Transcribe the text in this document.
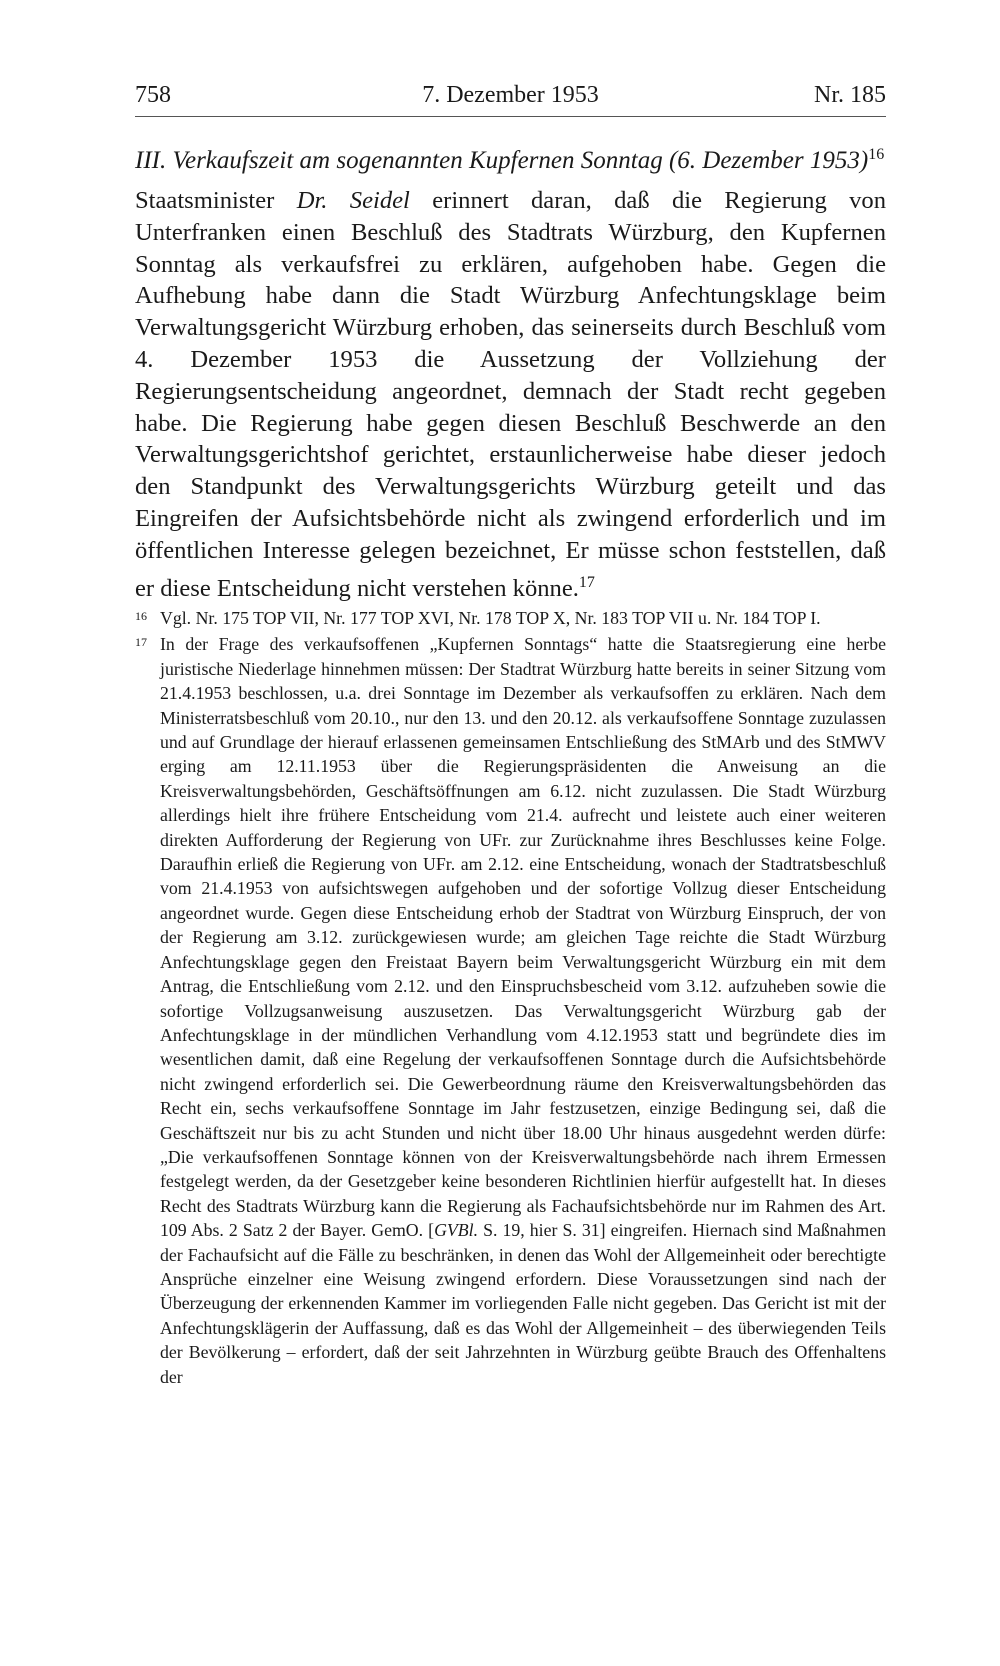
758	7. Dezember 1953	Nr. 185
III. Verkaufszeit am sogenannten Kupfernen Sonntag (6. Dezember 1953)$^{16}$
Staatsminister Dr. Seidel erinnert daran, daß die Regierung von Unterfranken einen Beschluß des Stadtrats Würzburg, den Kupfernen Sonntag als verkaufsfrei zu erklären, aufgehoben habe. Gegen die Aufhebung habe dann die Stadt Würzburg Anfechtungsklage beim Verwaltungsgericht Würzburg erhoben, das seinerseits durch Beschluß vom 4. Dezember 1953 die Aussetzung der Vollziehung der Regierungsentscheidung angeordnet, demnach der Stadt recht gegeben habe. Die Regierung habe gegen diesen Beschluß Beschwerde an den Verwaltungsgerichtshof gerichtet, erstaunlicherweise habe dieser jedoch den Standpunkt des Verwaltungsgerichts Würzburg geteilt und das Eingreifen der Aufsichtsbehörde nicht als zwingend erforderlich und im öffentlichen Interesse gelegen bezeichnet, Er müsse schon feststellen, daß er diese Entscheidung nicht verstehen könne.$^{17}$
16 Vgl. Nr. 175 TOP VII, Nr. 177 TOP XVI, Nr. 178 TOP X, Nr. 183 TOP VII u. Nr. 184 TOP I.
17 In der Frage des verkaufsoffenen „Kupfernen Sonntags“ hatte die Staatsregierung eine herbe juristische Niederlage hinnehmen müssen: Der Stadtrat Würzburg hatte bereits in seiner Sitzung vom 21.4.1953 beschlossen, u.a. drei Sonntage im Dezember als verkaufsoffen zu erklären. Nach dem Ministerratsbeschluß vom 20.10., nur den 13. und den 20.12. als verkaufsoffene Sonntage zuzulassen und auf Grundlage der hierauf erlassenen gemeinsamen Entschließung des StMArb und des StMWV erging am 12.11.1953 über die Regierungspräsidenten die Anweisung an die Kreisverwaltungsbehörden, Geschäftsöffnungen am 6.12. nicht zuzulassen. Die Stadt Würzburg allerdings hielt ihre frühere Entscheidung vom 21.4. aufrecht und leistete auch einer weiteren direkten Aufforderung der Regierung von UFr. zur Zurücknahme ihres Beschlusses keine Folge. Daraufhin erließ die Regierung von UFr. am 2.12. eine Entscheidung, wonach der Stadtratsbeschluß vom 21.4.1953 von aufsichtswegen aufgehoben und der sofortige Vollzug dieser Entscheidung angeordnet wurde. Gegen diese Entscheidung erhob der Stadtrat von Würzburg Einspruch, der von der Regierung am 3.12. zurückgewiesen wurde; am gleichen Tage reichte die Stadt Würzburg Anfechtungsklage gegen den Freistaat Bayern beim Verwaltungsgericht Würzburg ein mit dem Antrag, die Entschließung vom 2.12. und den Einspruchsbescheid vom 3.12. aufzuheben sowie die sofortige Vollzugsanweisung auszusetzen. Das Verwaltungsgericht Würzburg gab der Anfechtungsklage in der mündlichen Verhandlung vom 4.12.1953 statt und begründete dies im wesentlichen damit, daß eine Regelung der verkaufsoffenen Sonntage durch die Aufsichtsbehörde nicht zwingend erforderlich sei. Die Gewerbeordnung räume den Kreisverwaltungsbehörden das Recht ein, sechs verkaufsoffene Sonntage im Jahr festzusetzen, einzige Bedingung sei, daß die Geschäftszeit nur bis zu acht Stunden und nicht über 18.00 Uhr hinaus ausgedehnt werden dürfe: „Die verkaufsoffenen Sonntage können von der Kreisverwaltungsbehörde nach ihrem Ermessen festgelegt werden, da der Gesetzgeber keine besonderen Richtlinien hierfür aufgestellt hat. In dieses Recht des Stadtrats Würzburg kann die Regierung als Fachaufsichtsbehörde nur im Rahmen des Art. 109 Abs. 2 Satz 2 der Bayer. GemO. [GVBl. S. 19, hier S. 31] eingreifen. Hiernach sind Maßnahmen der Fachaufsicht auf die Fälle zu beschränken, in denen das Wohl der Allgemeinheit oder berechtigte Ansprüche einzelner eine Weisung zwingend erfordern. Diese Voraussetzungen sind nach der Überzeugung der erkennenden Kammer im vorliegenden Falle nicht gegeben. Das Gericht ist mit der Anfechtungsklägerin der Auffassung, daß es das Wohl der Allgemeinheit – des überwiegenden Teils der Bevölkerung – erfordert, daß der seit Jahrzehnten in Würzburg geübte Brauch des Offenhaltens der
